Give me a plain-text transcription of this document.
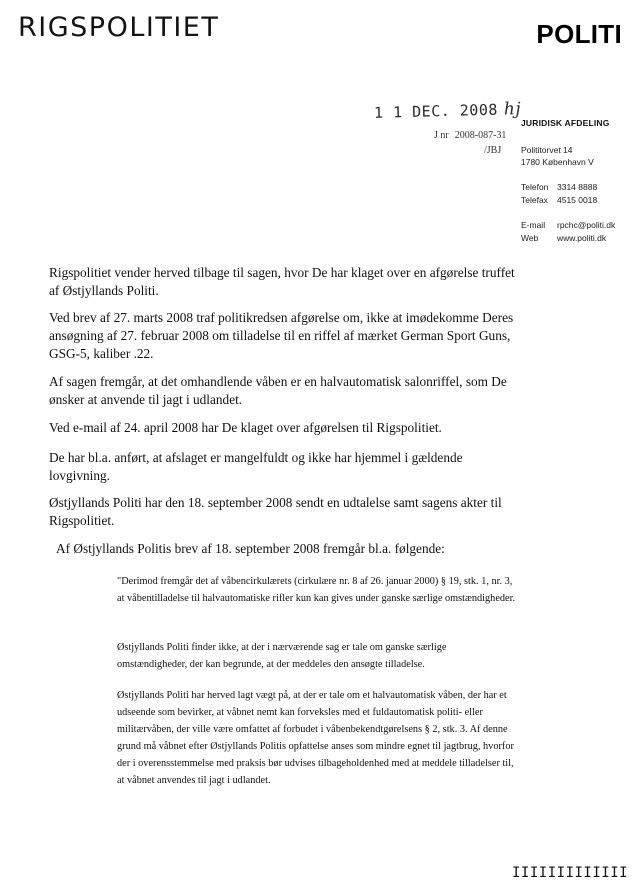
RIGSPOLITIET	POLITI
1 1 DEC. 2008 hj
J nr 2008-087-31
/JBJ
JURIDISK AFDELING
Polititorvet 14
1780 København V
Telefon 3314 8888
Telefax 4515 0018
E-mail rpchc@politi.dk
Web www.politi.dk
Rigspolitiet vender herved tilbage til sagen, hvor De har klaget over en afgørelse truffet af Østjyllands Politi.
Ved brev af 27. marts 2008 traf politikredsen afgørelse om, ikke at imødekomme Deres ansøgning af 27. februar 2008 om tilladelse til en riffel af mærket German Sport Guns, GSG-5, kaliber .22.
Af sagen fremgår, at det omhandlende våben er en halvautomatisk salonriffel, som De ønsker at anvende til jagt i udlandet.
Ved e-mail af 24. april 2008 har De klaget over afgørelsen til Rigspolitiet.
De har bl.a. anført, at afslaget er mangelfuldt og ikke har hjemmel i gældende lovgivning.
Østjyllands Politi har den 18. september 2008 sendt en udtalelse samt sagens akter til Rigspolitiet.
Af Østjyllands Politis brev af 18. september 2008 fremgår bl.a. følgende:
"Derimod fremgår det af våbencirkulærets (cirkulære nr. 8 af 26. januar 2000) § 19, stk. 1, nr. 3, at våbentilladelse til halvautomatiske rifler kun kan gives under ganske særlige omstændigheder.
Østjyllands Politi finder ikke, at der i nærværende sag er tale om ganske særlige omstændigheder, der kan begrunde, at der meddeles den ansøgte tilladelse.
Østjyllands Politi har herved lagt vægt på, at der er tale om et halvautomatisk våben, der har et udseende som bevirker, at våbnet nemt kan forveksles med et fuldautomatisk politi- eller militærvåben, der ville være omfattet af forbudet i våbenbekendtgørelsens § 2, stk. 3. Af denne grund må våbnet efter Østjyllands Politis opfattelse anses som mindre egnet til jagtbrug, hvorfor der i overensstemmelse med praksis bør udvises tilbageholdenhed med at meddele tilladelser til, at våbnet anvendes til jagt i udlandet.
IIIIIIIIIIIII
